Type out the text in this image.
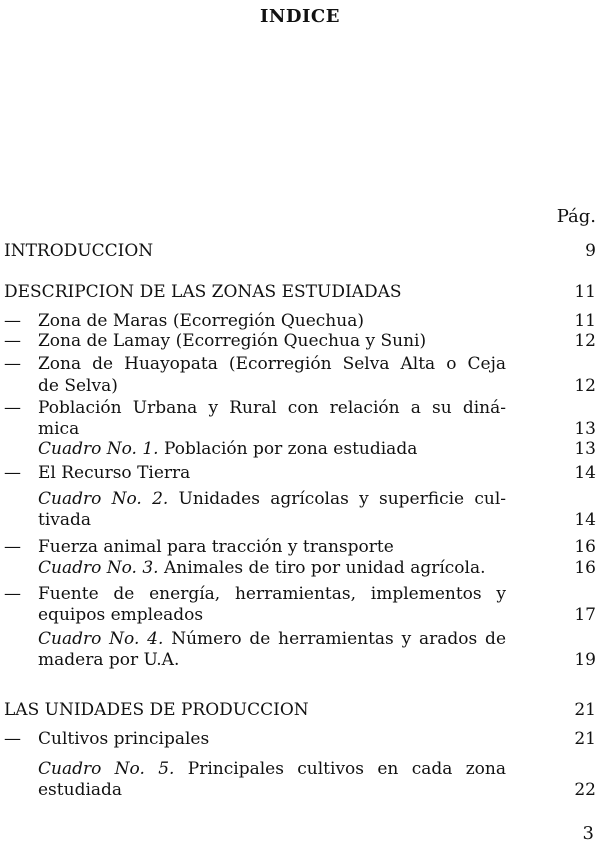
INDICE
Pág.
INTRODUCCION	9
DESCRIPCION DE LAS ZONAS ESTUDIADAS	11
— Zona de Maras (Ecorregión Quechua)	11
— Zona de Lamay (Ecorregión Quechua y Suni)	12
— Zona de Huayopata (Ecorregión Selva Alta o Ceja
de Selva)	12
— Población Urbana y Rural con relación a su diná-
mica	13
Cuadro No. 1. Población por zona estudiada	13
— El Recurso Tierra	14
Cuadro No. 2. Unidades agrícolas y superficie cul-
tivada	14
— Fuerza animal para tracción y transporte	16
Cuadro No. 3. Animales de tiro por unidad agrícola.	16
— Fuente de energía, herramientas, implementos y
equipos empleados	17
Cuadro No. 4. Número de herramientas y arados de
madera por U.A.	19
LAS UNIDADES DE PRODUCCION	21
— Cultivos principales	21
Cuadro No. 5. Principales cultivos en cada zona
estudiada	22
3
